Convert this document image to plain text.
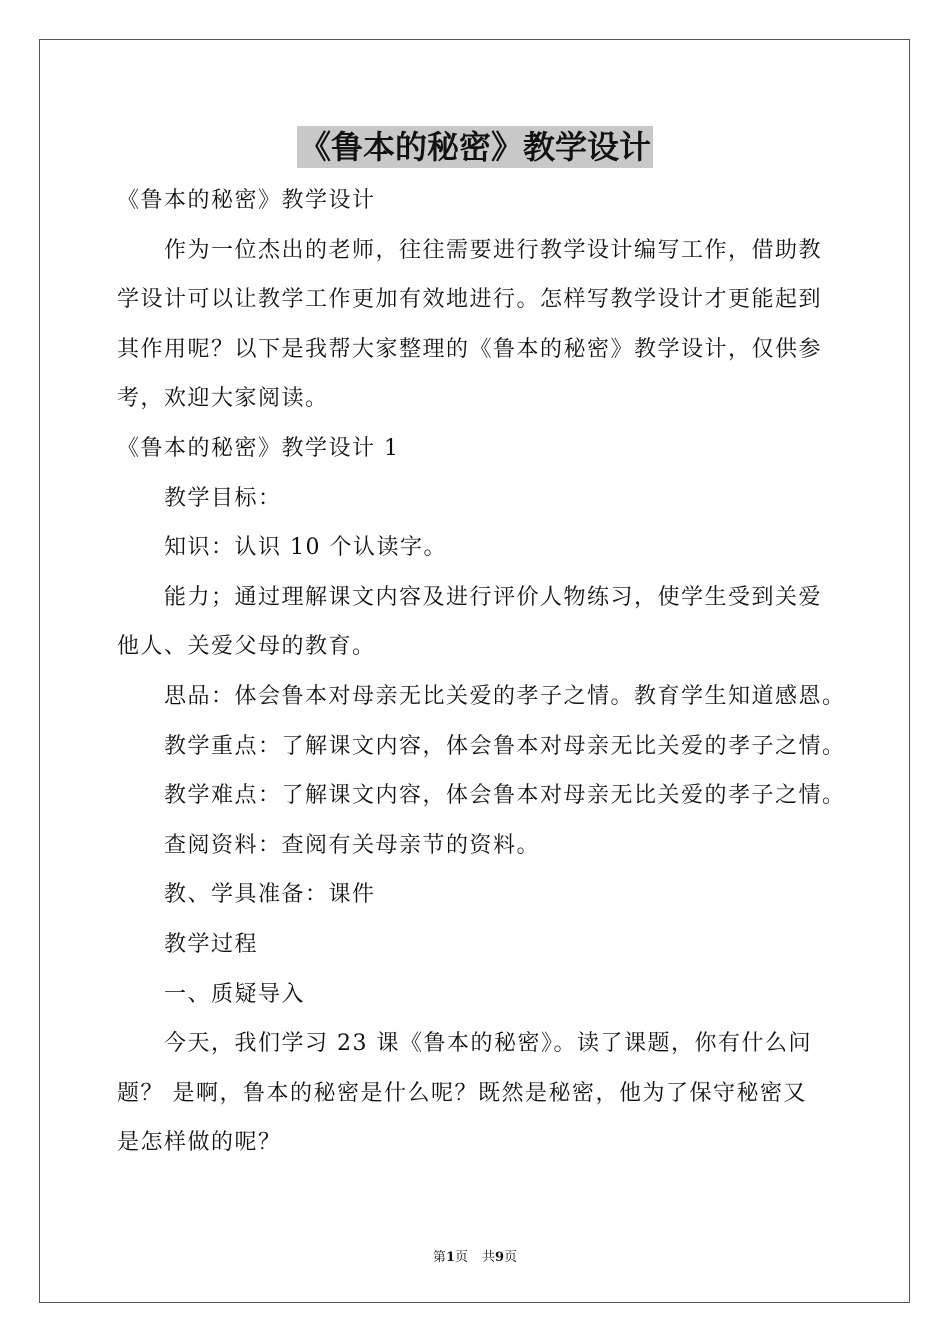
《鲁本的秘密》教学设计
《鲁本的秘密》教学设计
作为一位杰出的老师，往往需要进行教学设计编写工作，借助教
学设计可以让教学工作更加有效地进行。怎样写教学设计才更能起到
其作用呢？以下是我帮大家整理的《鲁本的秘密》教学设计，仅供参
考，欢迎大家阅读。
《鲁本的秘密》教学设计 1
教学目标：
知识：认识 10 个认读字。
能力；通过理解课文内容及进行评价人物练习，使学生受到关爱
他人、关爱父母的教育。
思品：体会鲁本对母亲无比关爱的孝子之情。教育学生知道感恩。
教学重点：了解课文内容，体会鲁本对母亲无比关爱的孝子之情。
教学难点：了解课文内容，体会鲁本对母亲无比关爱的孝子之情。
查阅资料：查阅有关母亲节的资料。
教、学具准备：课件
教学过程
一、质疑导入
今天，我们学习 23 课《鲁本的秘密》。读了课题，你有什么问
题？ 是啊，鲁本的秘密是什么呢？既然是秘密，他为了保守秘密又
是怎样做的呢？
第1页 共9页
